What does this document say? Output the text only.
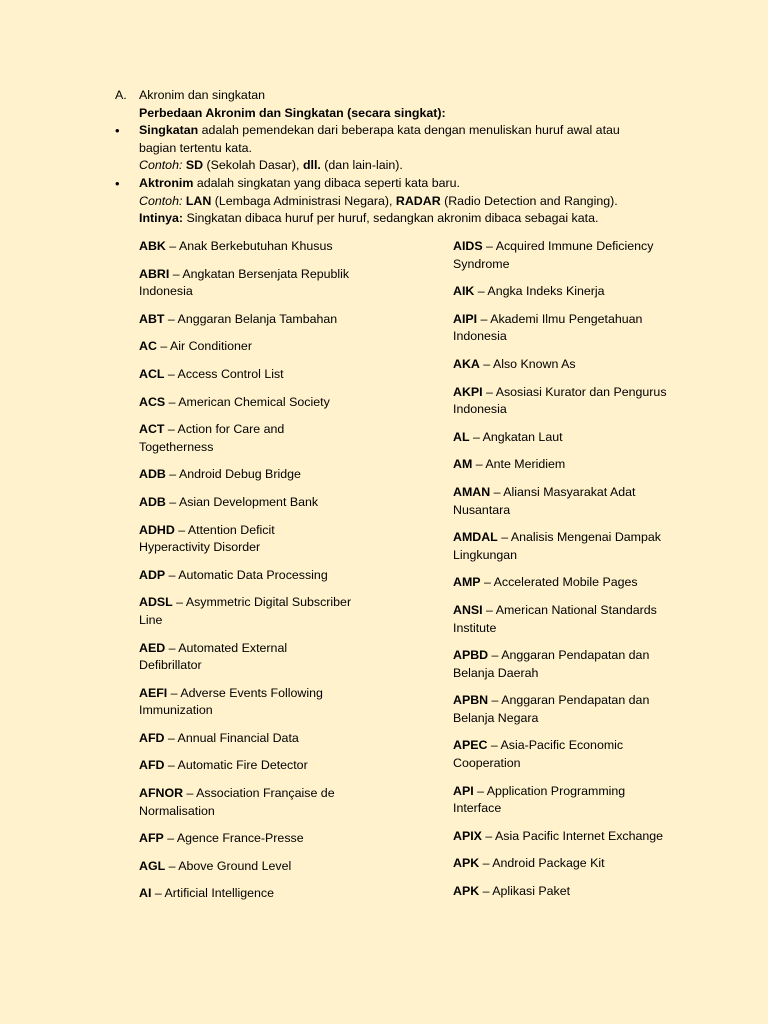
A. Akronim dan singkatan
Perbedaan Akronim dan Singkatan (secara singkat):
• Singkatan adalah pemendekan dari beberapa kata dengan menuliskan huruf awal atau
bagian tertentu kata.
Contoh: SD (Sekolah Dasar), dll. (dan lain-lain).
• Aktronim adalah singkatan yang dibaca seperti kata baru.
Contoh: LAN (Lembaga Administrasi Negara), RADAR (Radio Detection and Ranging).
Intinya: Singkatan dibaca huruf per huruf, sedangkan akronim dibaca sebagai kata.
ABK – Anak Berkebutuhan Khusus
ABRI – Angkatan Bersenjata Republik
Indonesia
ABT – Anggaran Belanja Tambahan
AC – Air Conditioner
ACL – Access Control List
ACS – American Chemical Society
ACT – Action for Care and
Togetherness
ADB – Android Debug Bridge
ADB – Asian Development Bank
ADHD – Attention Deficit
Hyperactivity Disorder
ADP – Automatic Data Processing
ADSL – Asymmetric Digital Subscriber
Line
AED – Automated External
Defibrillator
AEFI – Adverse Events Following
Immunization
AFD – Annual Financial Data
AFD – Automatic Fire Detector
AFNOR – Association Française de
Normalisation
AFP – Agence France-Presse
AGL – Above Ground Level
AI – Artificial Intelligence
AIDS – Acquired Immune Deficiency
Syndrome
AIK – Angka Indeks Kinerja
AIPI – Akademi Ilmu Pengetahuan
Indonesia
AKA – Also Known As
AKPI – Asosiasi Kurator dan Pengurus
Indonesia
AL – Angkatan Laut
AM – Ante Meridiem
AMAN – Aliansi Masyarakat Adat
Nusantara
AMDAL – Analisis Mengenai Dampak
Lingkungan
AMP – Accelerated Mobile Pages
ANSI – American National Standards
Institute
APBD – Anggaran Pendapatan dan
Belanja Daerah
APBN – Anggaran Pendapatan dan
Belanja Negara
APEC – Asia-Pacific Economic
Cooperation
API – Application Programming
Interface
APIX – Asia Pacific Internet Exchange
APK – Android Package Kit
APK – Aplikasi Paket
